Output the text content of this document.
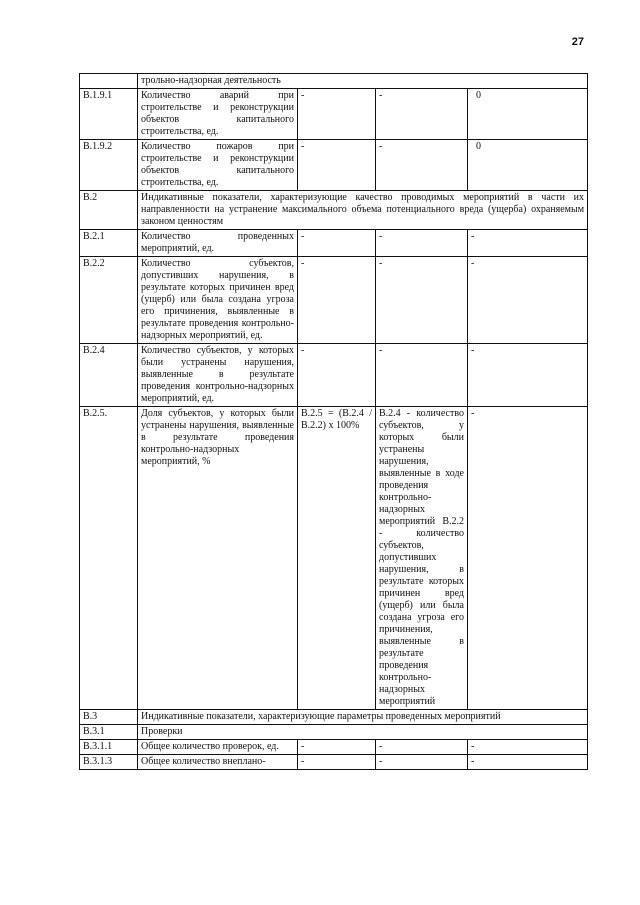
27
	трольно-надзорная деятельность			
В.1.9.1	Количество аварий при строительстве и реконструкции объектов капитального строительства, ед.	-	-	0
В.1.9.2	Количество пожаров при строительстве и реконструкции объектов капитального строительства, ед.	-	-	0
В.2	Индикативные показатели, характеризующие качество проводимых мероприятий в части их направленности на устранение максимального объема потенциального вреда (ущерба) охраняемым законом ценностям			
В.2.1	Количество проведенных мероприятий, ед.	-	-	-
В.2.2	Количество субъектов, допустивших нарушения, в результате которых причинен вред (ущерб) или была создана угроза его причинения, выявленные в результате проведения контрольно-надзорных мероприятий, ед.	-	-	-
В.2.4	Количество субъектов, у которых были устранены нарушения, выявленные в результате проведения контрольно-надзорных мероприятий, ед.	-	-	-
В.2.5.	Доля субъектов, у которых были устранены нарушения, выявленные в результате проведения контрольно-надзорных мероприятий, %	В.2.5 = (В.2.4 / В.2.2) х 100%	В.2.4 - количество субъектов, у которых были устранены нарушения, выявленные в ходе проведения контрольно-надзорных мероприятий В.2.2 - количество субъектов, допустивших нарушения, в результате которых причинен вред (ущерб) или была создана угроза его причинения, выявленные в результате проведения контрольно-надзорных мероприятий	-
В.3	Индикативные показатели, характеризующие параметры проведенных мероприятий			
В.3.1	Проверки			
В.3.1.1	Общее количество проверок, ед.	-	-	-
В.3.1.3	Общее количество внеплано-	-	-	-
